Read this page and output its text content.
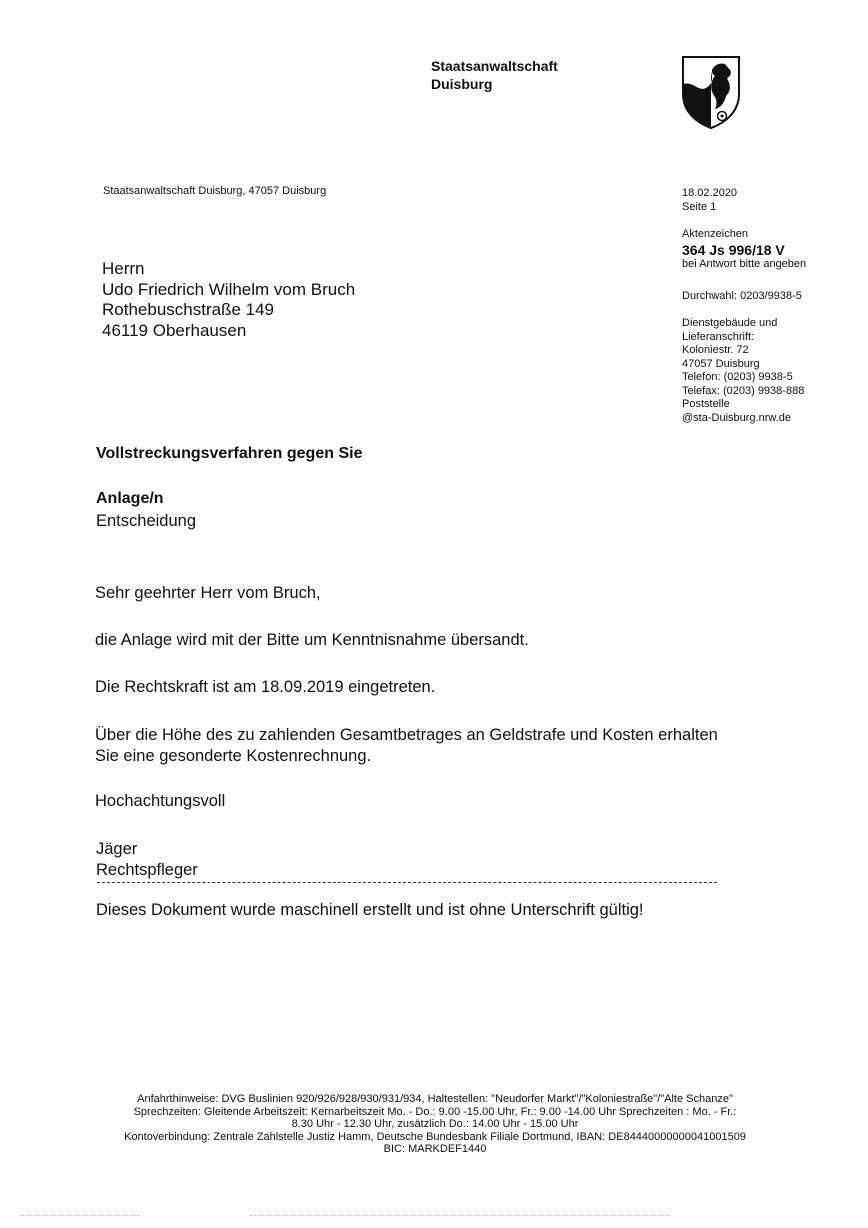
Staatsanwaltschaft
Duisburg
Staatsanwaltschaft Duisburg, 47057 Duisburg	18.02.2020
Seite 1
Aktenzeichen
364 Js 996/18 V
bei Antwort bitte angeben
Durchwahl: 0203/9938-5
Dienstgebäude und
Lieferanschrift:
Koloniestr. 72
47057 Duisburg
Telefon: (0203) 9938-5
Telefax: (0203) 9938-888
Poststelle
@sta-Duisburg.nrw.de
Herrn
Udo Friedrich Wilhelm vom Bruch
Rothebuschstraße 149
46119 Oberhausen
Vollstreckungsverfahren gegen Sie
Anlage/n
Entscheidung
Sehr geehrter Herr vom Bruch,
die Anlage wird mit der Bitte um Kenntnisnahme übersandt.
Die Rechtskraft ist am 18.09.2019 eingetreten.
Über die Höhe des zu zahlenden Gesamtbetrages an Geldstrafe und Kosten erhalten
Sie eine gesonderte Kostenrechnung.
Hochachtungsvoll
Jäger
Rechtspfleger
Dieses Dokument wurde maschinell erstellt und ist ohne Unterschrift gültig!
Anfahrthinweise: DVG Buslinien 920/926/928/930/931/934, Haltestellen: "Neudorfer Markt"/"Koloniestraße"/"Alte Schanze"
Sprechzeiten: Gleitende Arbeitszeit: Kernarbeitszeit Mo. - Do.: 9.00 -15.00 Uhr, Fr.: 9.00 -14.00 Uhr Sprechzeiten : Mo. - Fr.:
8.30 Uhr - 12.30 Uhr, zusätzlich Do.: 14.00 Uhr - 15.00 Uhr
Kontoverbindung: Zentrale Zahlstelle Justiz Hamm, Deutsche Bundesbank Filiale Dortmund, IBAN: DE84440000000041001509
BIC: MARKDEF1440
